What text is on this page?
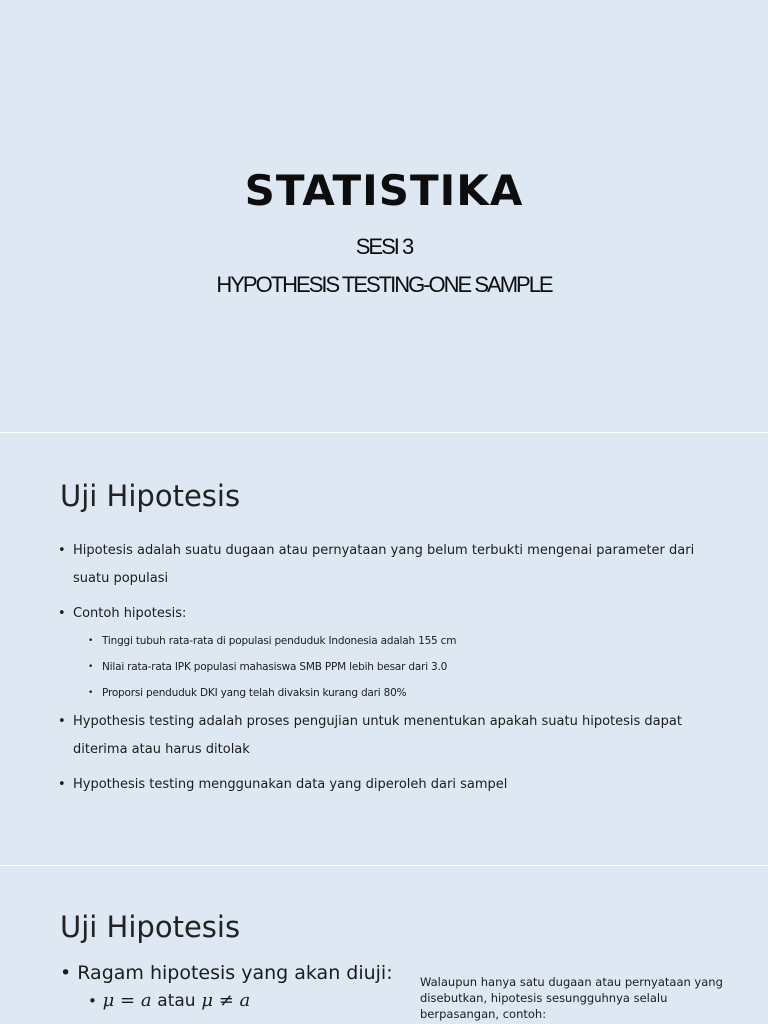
STATISTIKA
SESI 3
HYPOTHESIS TESTING-ONE SAMPLE
Uji Hipotesis
• Hipotesis adalah suatu dugaan atau pernyataan yang belum terbukti mengenai parameter dari suatu populasi
• Contoh hipotesis:
• Tinggi tubuh rata-rata di populasi penduduk Indonesia adalah 155 cm
• Nilai rata-rata IPK populasi mahasiswa SMB PPM lebih besar dari 3.0
• Proporsi penduduk DKI yang telah divaksin kurang dari 80%
• Hypothesis testing adalah proses pengujian untuk menentukan apakah suatu hipotesis dapat diterima atau harus ditolak
• Hypothesis testing menggunakan data yang diperoleh dari sampel
Uji Hipotesis
• Ragam hipotesis yang akan diuji:
• μ = a atau μ ≠ a
Walaupun hanya satu dugaan atau pernyataan yang disebutkan, hipotesis sesungguhnya selalu berpasangan, contoh:
